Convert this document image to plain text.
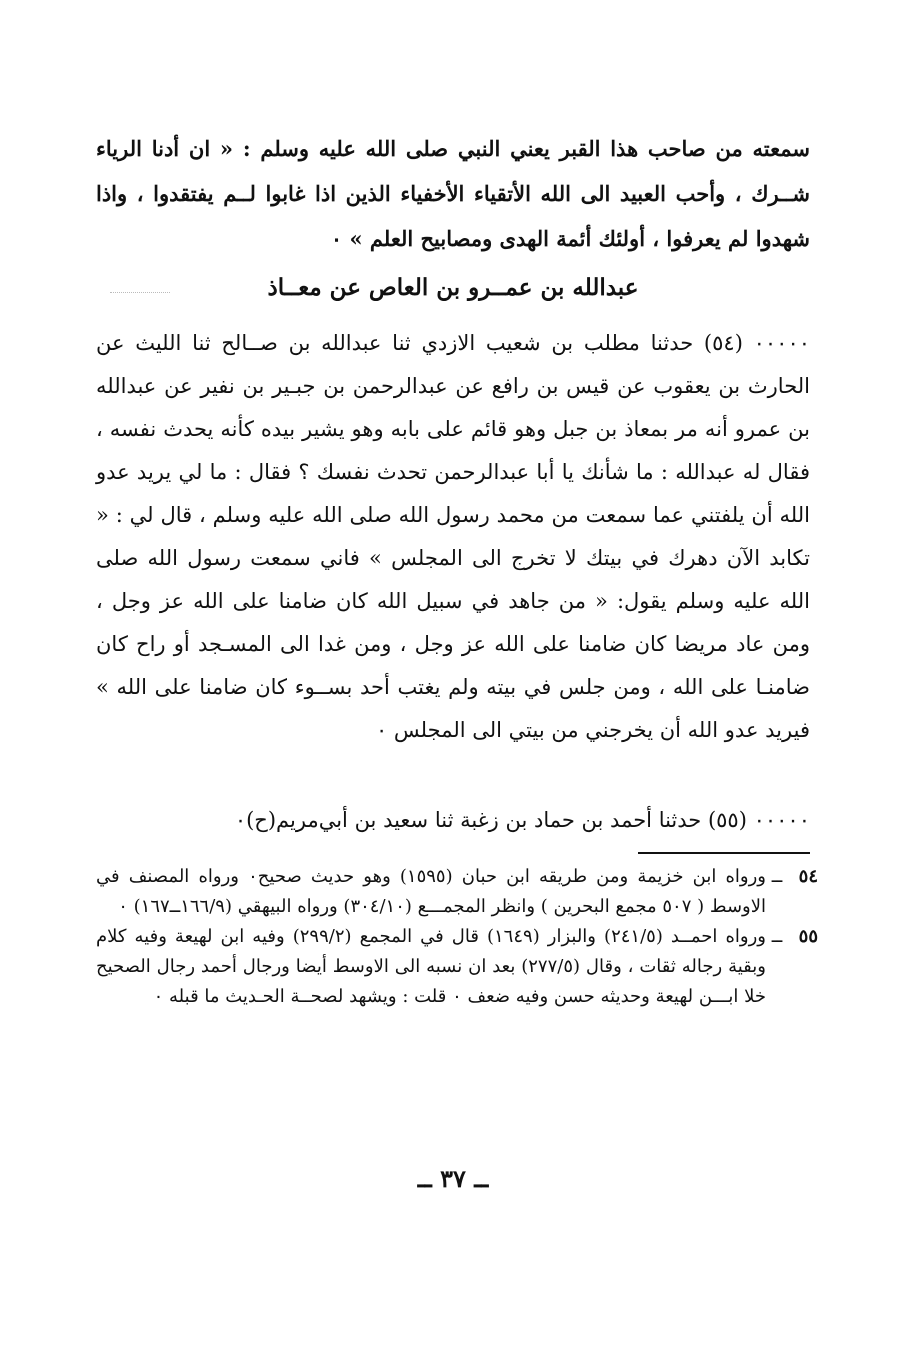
سمعته من صاحب هذا القبر يعني النبي صلى الله عليه وسلم : « ان أدنا الرياء شــرك ، وأحب العبيد الى الله الأتقياء الأخفياء الذين اذا غابوا لــم يفتقدوا ، واذا شهدوا لم يعرفوا ، أولئك أئمة الهدى ومصابيح العلم » ٠
عبدالله بن عمــرو بن العاص عن معــاذ

٠٠٠٠٠ (٥٤) حدثنا مطلب بن شعيب الازدي ثنا عبدالله بن صــالح ثنا الليث عن الحارث بن يعقوب عن قيس بن رافع عن عبدالرحمن بن جبـير بن نفير عن عبدالله بن عمرو أنه مر بمعاذ بن جبل وهو قائم على بابه وهو يشير بيده كأنه يحدث نفسه ، فقال له عبدالله : ما شأنك يا أبا عبدالرحمن تحدث نفسك ؟ فقال : ما لي يريد عدو الله أن يلفتني عما سمعت من محمد رسول الله صلى الله عليه وسلم ، قال لي : « تكابد الآن دهرك في بيتك لا تخرج الى المجلس » فاني سمعت رسول الله صلى الله عليه وسلم يقول: « من جاهد في سبيل الله كان ضامنا على الله عز وجل ، ومن عاد مريضا كان ضامنا على الله عز وجل ، ومن غدا الى المسـجد أو راح كان ضامنـا على الله ، ومن جلس في بيته ولم يغتب أحد بســوء كان ضامنا على الله » فيريد عدو الله أن يخرجني من بيتي الى المجلس ٠

٠٠٠٠٠ (٥٥) حدثنا أحمد بن حماد بن زغبة ثنا سعيد بن أبي‌مريم(ح)٠
٥٤
ــ
ورواه ابن خزيمة ومن طريقه ابن حبان (١٥٩٥) وهو حديث صحيح٠ ورواه المصنف في الاوسط ( ٥٠٧ مجمع البحرين ) وانظر المجمـــع (٣٠٤/١٠) ورواه البيهقي (١٦٦/٩ــ١٦٧) ٠
٥٥
ــ
ورواه احمــد (٢٤١/٥) والبزار (١٦٤٩) قال في المجمع (٢٩٩/٢) وفيه ابن لهيعة وفيه كلام وبقية رجاله ثقات ، وقال (٢٧٧/٥) بعد ان نسبه الى الاوسط أيضا ورجال أحمد رجال الصحيح خلا ابـــن لهيعة وحديثه حسن وفيه ضعف ٠ قلت : ويشهد لصحــة الحـديث ما قبله ٠
ــ ٣٧ ــ
